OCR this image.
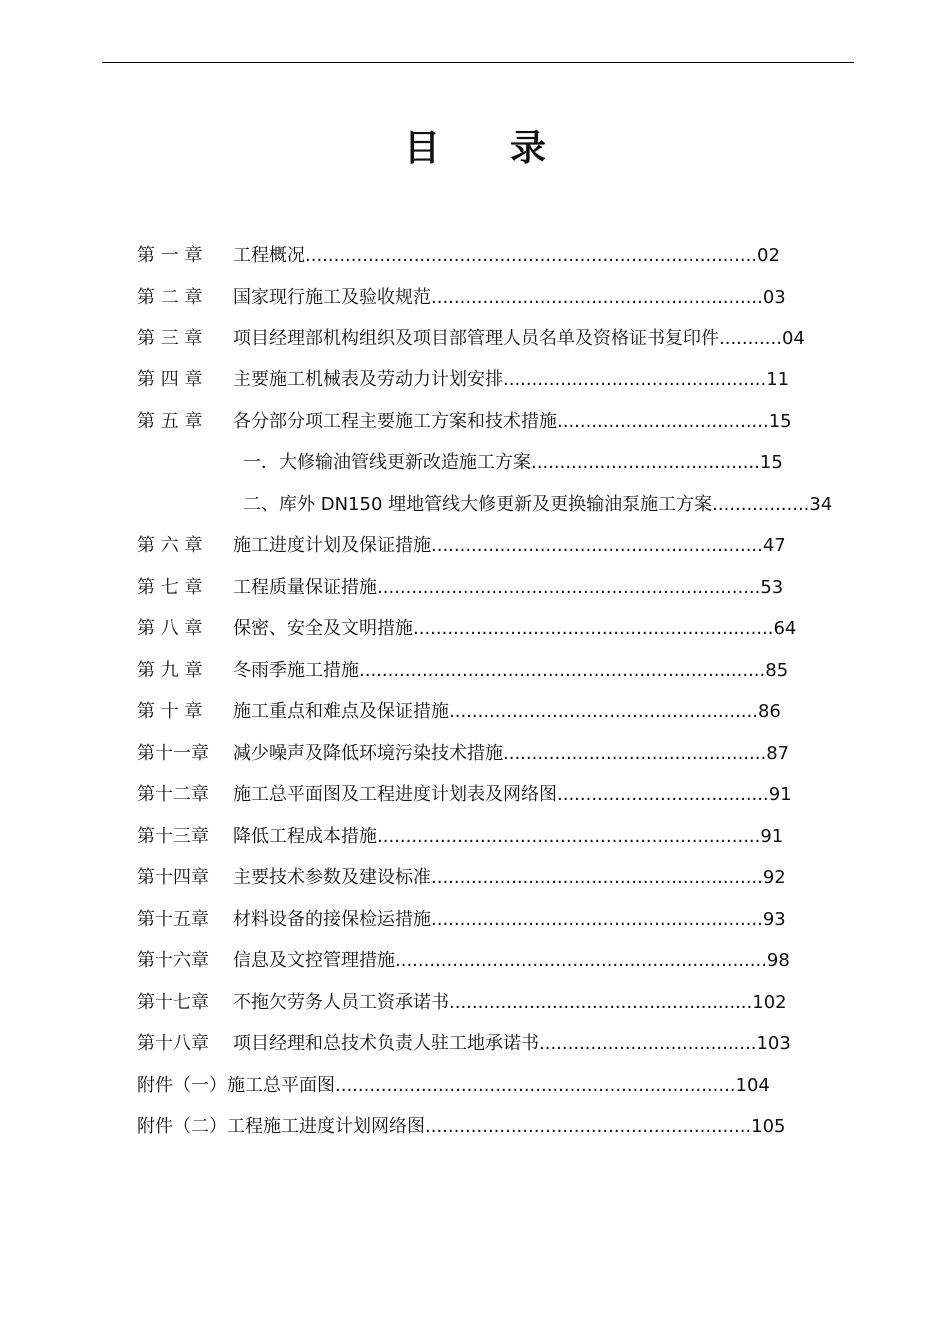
目 录
第 一 章 工程概况...............................................................................02
第 二 章 国家现行施工及验收规范..........................................................03
第 三 章 项目经理部机构组织及项目部管理人员名单及资格证书复印件...........04
第 四 章 主要施工机械表及劳动力计划安排..............................................11
第 五 章 各分部分项工程主要施工方案和技术措施.....................................15
一．大修输油管线更新改造施工方案........................................15
二、库外 DN150 埋地管线大修更新及更换输油泵施工方案.................34
第 六 章 施工进度计划及保证措施..........................................................47
第 七 章 工程质量保证措施...................................................................53
第 八 章 保密、安全及文明措施...............................................................64
第 九 章 冬雨季施工措施.......................................................................85
第 十 章 施工重点和难点及保证措施......................................................86
第十一章 减少噪声及降低环境污染技术措施..............................................87
第十二章 施工总平面图及工程进度计划表及网络图.....................................91
第十三章 降低工程成本措施...................................................................91
第十四章 主要技术参数及建设标准..........................................................92
第十五章 材料设备的接保检运措施..........................................................93
第十六章 信息及文控管理措施.................................................................98
第十七章 不拖欠劳务人员工资承诺书.....................................................102
第十八章 项目经理和总技术负责人驻工地承诺书......................................103
附件（一）施工总平面图......................................................................104
附件（二）工程施工进度计划网络图.........................................................105
